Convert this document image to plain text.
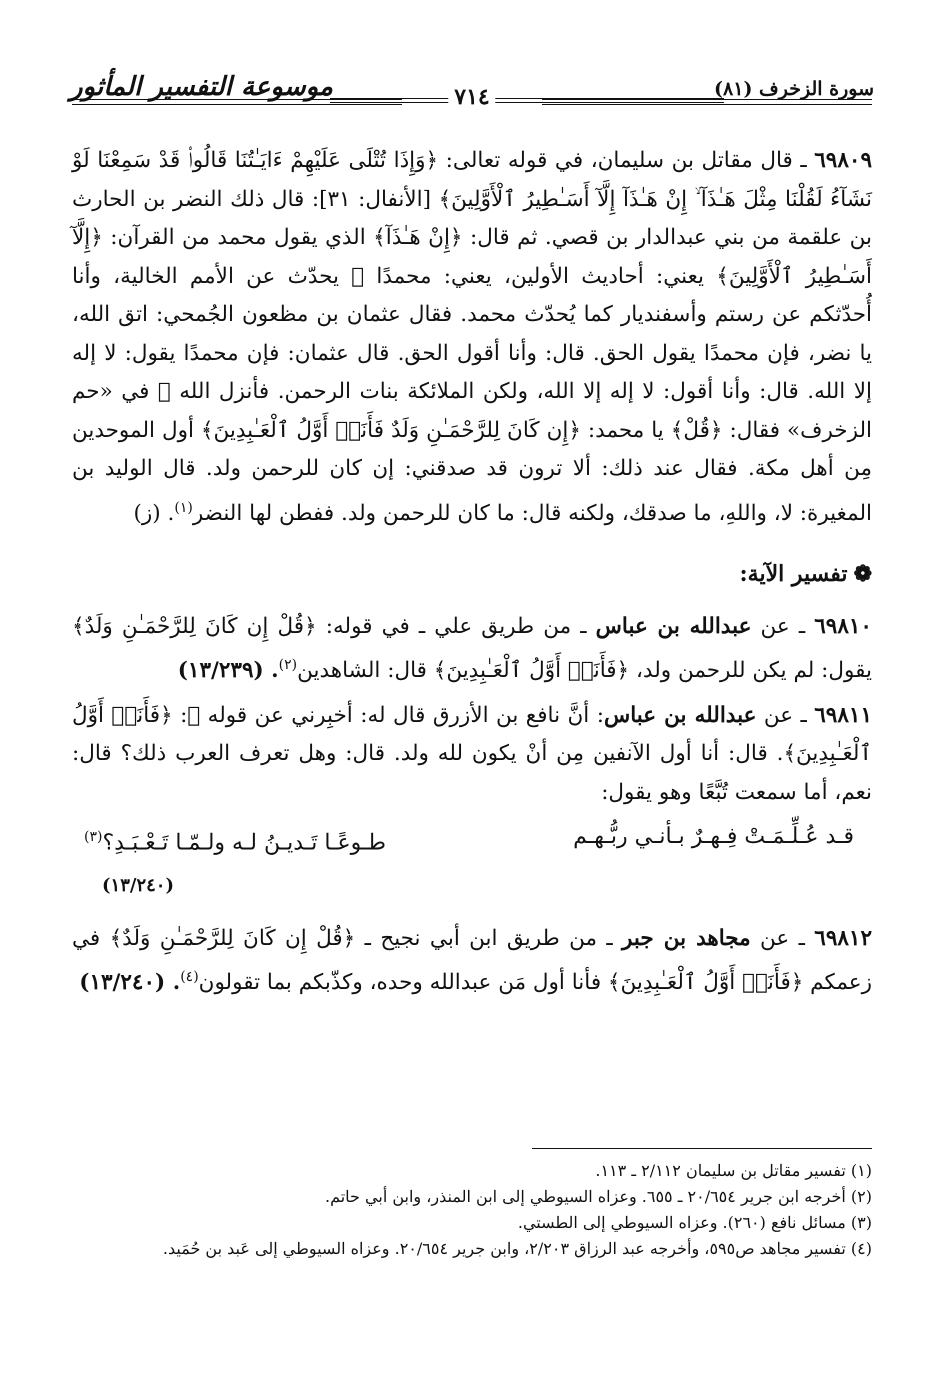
سورة الزخرف (٨١)
موسوعة التفسير المأثور	٧١٤

٦٩٨٠٩ ـ قال مقاتل بن سليمان، في قوله تعالى: ﴿وَإِذَا تُتْلَى عَلَيْهِمْ ءَايَـٰتُنَا قَالُوا۟ قَدْ سَمِعْنَا لَوْ نَشَآءُ لَقُلْنَا مِثْلَ هَـٰذَآ ۙ إِنْ هَـٰذَآ إِلَّآ أَسَـٰطِيرُ ٱلْأَوَّلِينَ﴾ [الأنفال: ٣١]: قال ذلك النضر بن الحارث بن علقمة من بني عبدالدار بن قصي. ثم قال: ﴿إِنْ هَـٰذَآ﴾ الذي يقول محمد من القرآن: ﴿إِلَّآ أَسَـٰطِيرُ ٱلْأَوَّلِينَ﴾ يعني: أحاديث الأولين، يعني: محمدًا ﷺ يحدّث عن الأمم الخالية، وأنا أُحدّثكم عن رستم وأسفنديار كما يُحدّث محمد. فقال عثمان بن مظعون الجُمحي: اتق الله، يا نضر، فإن محمدًا يقول الحق. قال: وأنا أقول الحق. قال عثمان: فإن محمدًا يقول: لا إله إلا الله. قال: وأنا أقول: لا إله إلا الله، ولكن الملائكة بنات الرحمن. فأنزل الله ﷻ في «حم الزخرف» فقال: ﴿قُلْ﴾ يا محمد: ﴿إِن كَانَ لِلرَّحْمَـٰنِ وَلَدٌ فَأَنَا۠ أَوَّلُ ٱلْعَـٰبِدِينَ﴾ أول الموحدين مِن أهل مكة. فقال عند ذلك: ألا ترون قد صدقني: إن كان للرحمن ولد. قال الوليد بن المغيرة: لا، واللهِ، ما صدقك، ولكنه قال: ما كان للرحمن ولد. ففطن لها النضر$^{(١)}$. (ز)

❁تفسير الآية:

٦٩٨١٠ ـ عن عبدالله بن عباس ـ من طريق علي ـ في قوله: ﴿قُلْ إِن كَانَ لِلرَّحْمَـٰنِ وَلَدٌ﴾ يقول: لم يكن للرحمن ولد، ﴿فَأَنَا۠ أَوَّلُ ٱلْعَـٰبِدِينَ﴾ قال: الشاهدين$^{(٢)}$. (١٣/٢٣٩)

٦٩٨١١ ـ عن عبدالله بن عباس: أنَّ نافع بن الأزرق قال له: أخبِرني عن قوله ﷻ: ﴿فَأَنَا۠ أَوَّلُ ٱلْعَـٰبِدِينَ﴾. قال: أنا أول الآنفين مِن أنْ يكون لله ولد. قال: وهل تعرف العرب ذلك؟ قال: نعم، أما سمعت تُبَّعًا وهو يقول:

قـد عُـلِّـمَـتْ فِـهـرٌ بـأنـي ربُّـهـم
طـوعًـا تَـديـنُ لـه ولـمّـا تَـعْـبَـدِ؟$^{(٣)}$
(١٣/٢٤٠)

٦٩٨١٢ ـ عن مجاهد بن جبر ـ من طريق ابن أبي نجيح ـ ﴿قُلْ إِن كَانَ لِلرَّحْمَـٰنِ وَلَدٌ﴾ في زعمكم ﴿فَأَنَا۠ أَوَّلُ ٱلْعَـٰبِدِينَ﴾ فأنا أول مَن عبدالله وحده، وكذّبكم بما تقولون$^{(٤)}$. (١٣/٢٤٠)

(١) تفسير مقاتل بن سليمان ٢/١١٢ ـ ١١٣.
(٢) أخرجه ابن جرير ٢٠/٦٥٤ ـ ٦٥٥. وعزاه السيوطي إلى ابن المنذر، وابن أبي حاتم.
(٣) مسائل نافع (٢٦٠). وعزاه السيوطي إلى الطستي.
(٤) تفسير مجاهد ص٥٩٥، وأخرجه عبد الرزاق ٢/٢٠٣، وابن جرير ٢٠/٦٥٤. وعزاه السيوطي إلى عَبد بن حُمَيد.
